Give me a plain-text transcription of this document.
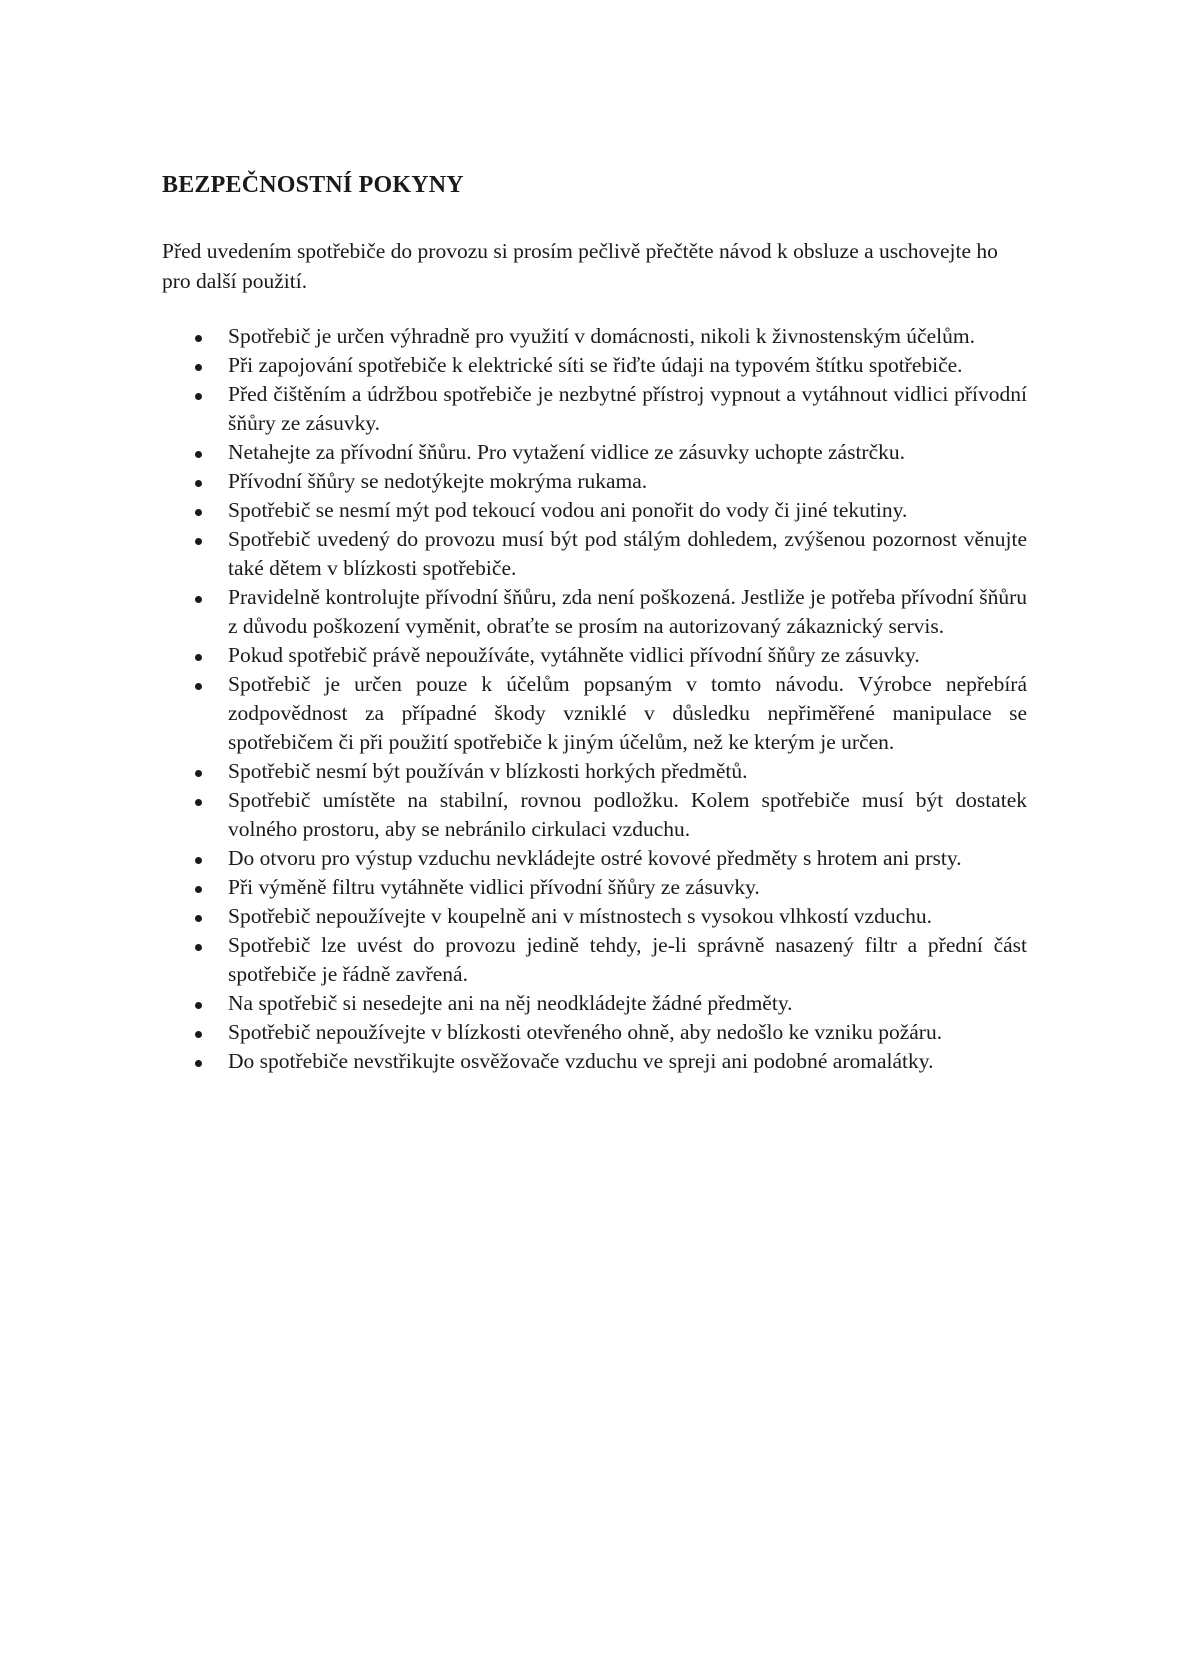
BEZPEČNOSTNÍ POKYNY

Před uvedením spotřebiče do provozu si prosím pečlivě přečtěte návod k obsluze a uschovejte ho pro další použití.

Spotřebič je určen výhradně pro využití v domácnosti, nikoli k živnostenským účelům.
Při zapojování spotřebiče k elektrické síti se řiďte údaji na typovém štítku spotřebiče.
Před čištěním a údržbou spotřebiče je nezbytné přístroj vypnout a vytáhnout vidlici přívodní šňůry ze zásuvky.
Netahejte za přívodní šňůru. Pro vytažení vidlice ze zásuvky uchopte zástrčku.
Přívodní šňůry se nedotýkejte mokrýma rukama.
Spotřebič se nesmí mýt pod tekoucí vodou ani ponořit do vody či jiné tekutiny.
Spotřebič uvedený do provozu musí být pod stálým dohledem, zvýšenou pozornost věnujte také dětem v blízkosti spotřebiče.
Pravidelně kontrolujte přívodní šňůru, zda není poškozená. Jestliže je potřeba přívodní šňůru z důvodu poškození vyměnit, obraťte se prosím na autorizovaný zákaznický servis.
Pokud spotřebič právě nepoužíváte, vytáhněte vidlici přívodní šňůry ze zásuvky.
Spotřebič je určen pouze k účelům popsaným v tomto návodu. Výrobce nepřebírá zodpovědnost za případné škody vzniklé v důsledku nepřiměřené manipulace se spotřebičem či při použití spotřebiče k jiným účelům, než ke kterým je určen.
Spotřebič nesmí být používán v blízkosti horkých předmětů.
Spotřebič umístěte na stabilní, rovnou podložku. Kolem spotřebiče musí být dostatek volného prostoru, aby se nebránilo cirkulaci vzduchu.
Do otvoru pro výstup vzduchu nevkládejte ostré kovové předměty s hrotem ani prsty.
Při výměně filtru vytáhněte vidlici přívodní šňůry ze zásuvky.
Spotřebič nepoužívejte v koupelně ani v místnostech s vysokou vlhkostí vzduchu.
Spotřebič lze uvést do provozu jedině tehdy, je-li správně nasazený filtr a přední část spotřebiče je řádně zavřená.
Na spotřebič si nesedejte ani na něj neodkládejte žádné předměty.
Spotřebič nepoužívejte v blízkosti otevřeného ohně, aby nedošlo ke vzniku požáru.
Do spotřebiče nevstřikujte osvěžovače vzduchu ve spreji ani podobné aromalátky.
